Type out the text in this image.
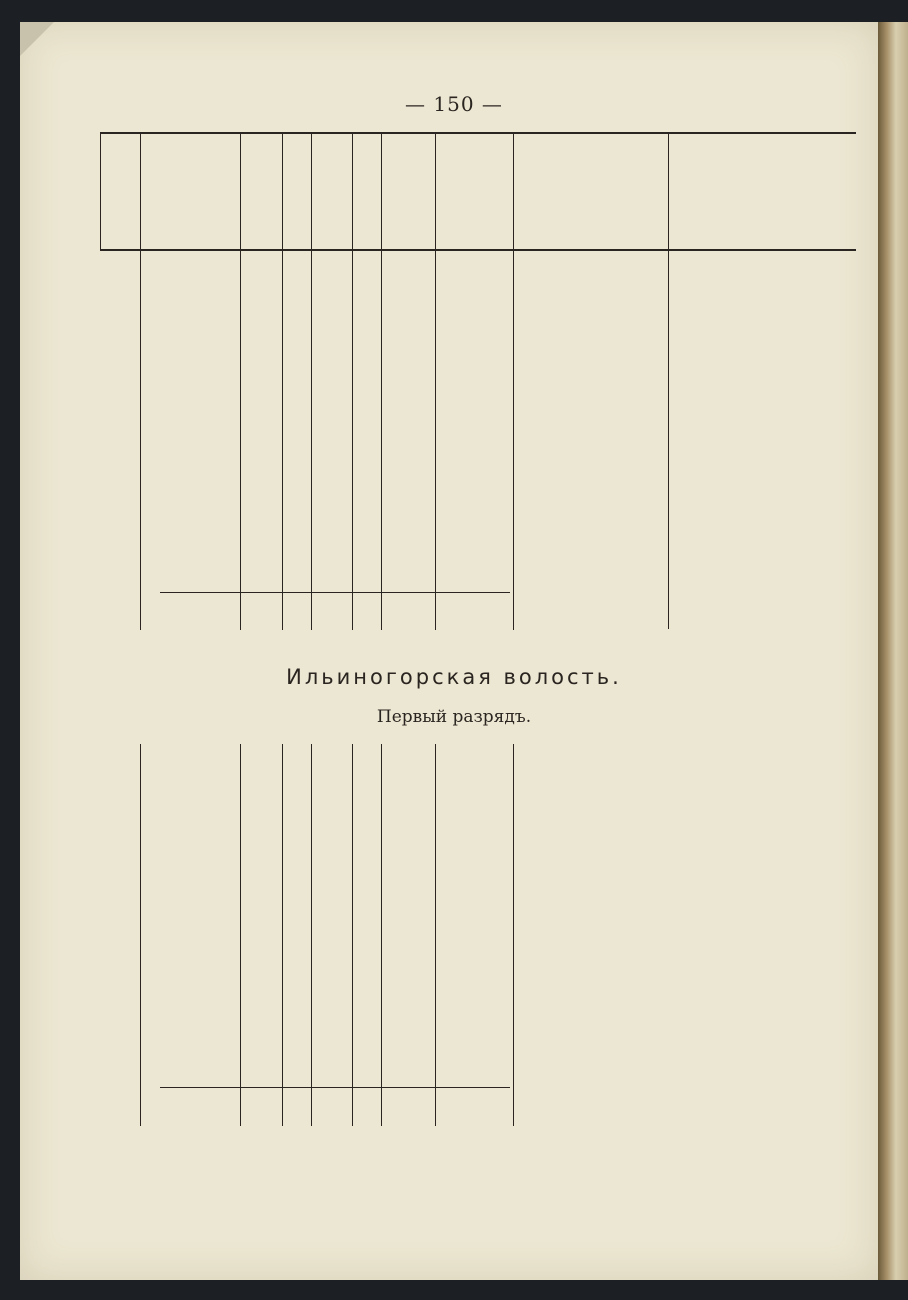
— 150 —
Ильиногорская волость.
Первый разрядъ.
